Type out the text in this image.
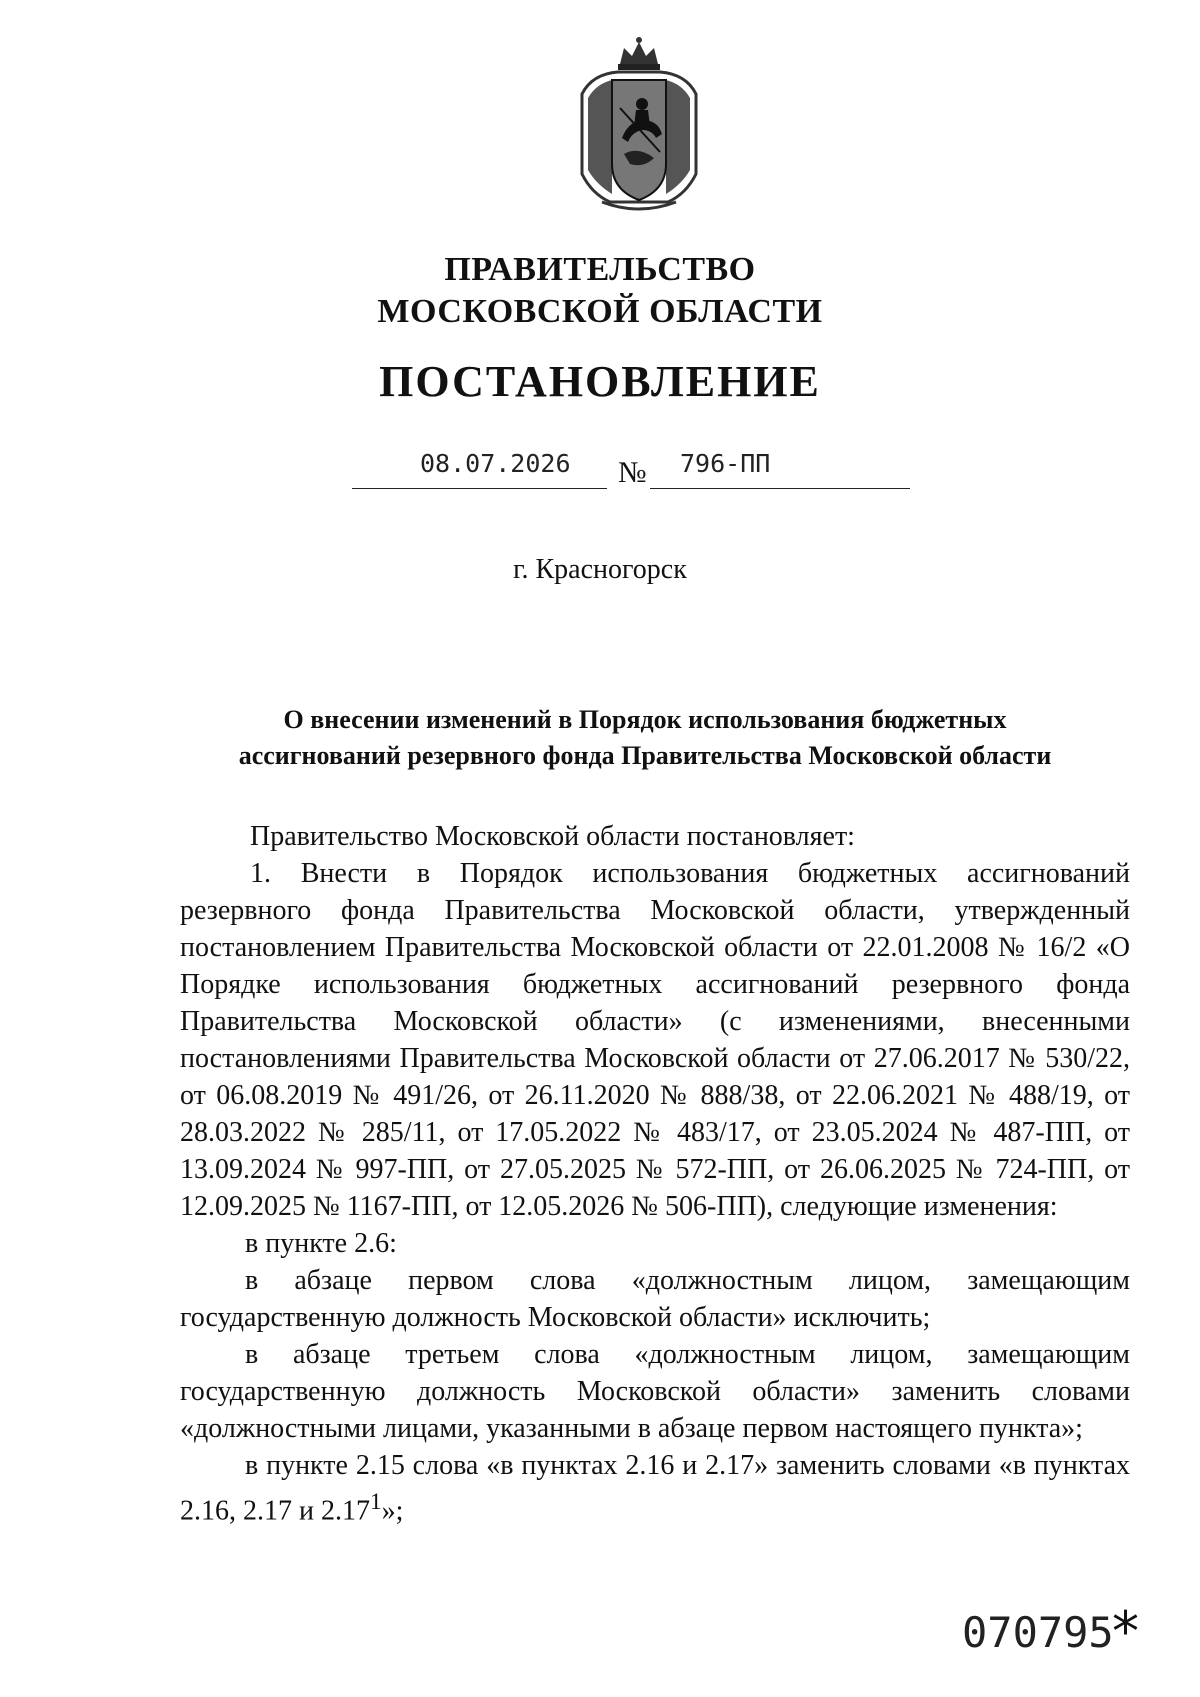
ПРАВИТЕЛЬСТВО
МОСКОВСКОЙ ОБЛАСТИ
ПОСТАНОВЛЕНИЕ
08.07.2026 № 796-ПП
г. Красногорск
О внесении изменений в Порядок использования бюджетных
ассигнований резервного фонда Правительства Московской области

Правительство Московской области постановляет:

1. Внести в Порядок использования бюджетных ассигнований резервного фонда Правительства Московской области, утвержденный постановлением Правительства Московской области от 22.01.2008 № 16/2 «О Порядке использования бюджетных ассигнований резервного фонда Правительства Московской области» (с изменениями, внесенными постановлениями Правительства Московской области от 27.06.2017 № 530/22, от 06.08.2019 № 491/26, от 26.11.2020 № 888/38, от 22.06.2021 № 488/19, от 28.03.2022 № 285/11, от 17.05.2022 № 483/17, от 23.05.2024 № 487-ПП, от 13.09.2024 № 997-ПП, от 27.05.2025 № 572-ПП, от 26.06.2025 № 724-ПП, от 12.09.2025 № 1167-ПП, от 12.05.2026 № 506-ПП), следующие изменения:

в пункте 2.6:

в абзаце первом слова «должностным лицом, замещающим государственную должность Московской области» исключить;

в абзаце третьем слова «должностным лицом, замещающим государственную должность Московской области» заменить словами «должностными лицами, указанными в абзаце первом настоящего пункта»;

в пункте 2.15 слова «в пунктах 2.16 и 2.17» заменить словами «в пунктах 2.16, 2.17 и 2.17$^1$»;

070795
*
